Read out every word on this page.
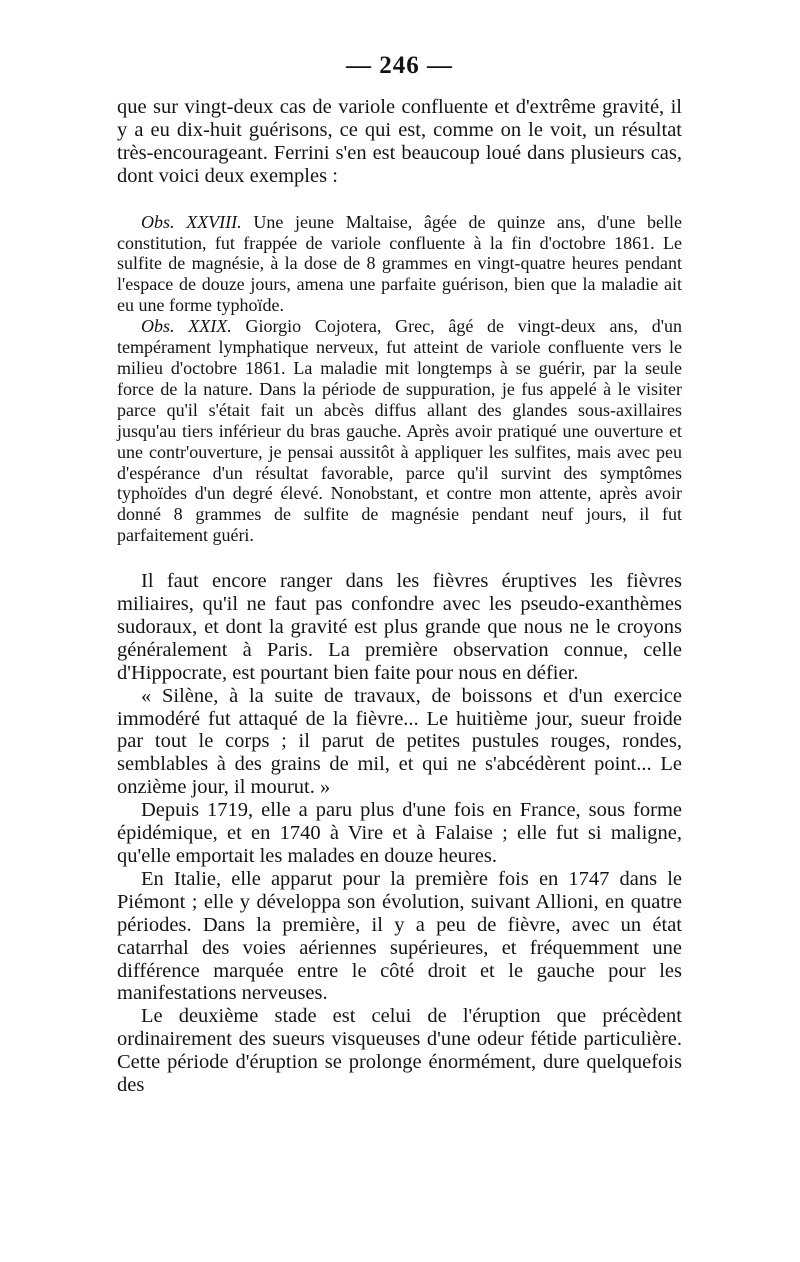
— 246 —

que sur vingt-deux cas de variole confluente et d'extrême gravité, il y a eu dix-huit guérisons, ce qui est, comme on le voit, un résultat très-encourageant. Ferrini s'en est beaucoup loué dans plusieurs cas, dont voici deux exemples :

Obs. XXVIII. Une jeune Maltaise, âgée de quinze ans, d'une belle constitution, fut frappée de variole confluente à la fin d'octobre 1861. Le sulfite de magnésie, à la dose de 8 grammes en vingt-quatre heures pendant l'espace de douze jours, amena une parfaite guérison, bien que la maladie ait eu une forme typhoïde.

Obs. XXIX. Giorgio Cojotera, Grec, âgé de vingt-deux ans, d'un tempérament lymphatique nerveux, fut atteint de variole confluente vers le milieu d'octobre 1861. La maladie mit longtemps à se guérir, par la seule force de la nature. Dans la période de suppuration, je fus appelé à le visiter parce qu'il s'était fait un abcès diffus allant des glandes sous-axillaires jusqu'au tiers inférieur du bras gauche. Après avoir pratiqué une ouverture et une contr'ouverture, je pensai aussitôt à appliquer les sulfites, mais avec peu d'espérance d'un résultat favorable, parce qu'il survint des symptômes typhoïdes d'un degré élevé. Nonobstant, et contre mon attente, après avoir donné 8 grammes de sulfite de magnésie pendant neuf jours, il fut parfaitement guéri.

Il faut encore ranger dans les fièvres éruptives les fièvres miliaires, qu'il ne faut pas confondre avec les pseudo-exanthèmes sudoraux, et dont la gravité est plus grande que nous ne le croyons généralement à Paris. La première observation connue, celle d'Hippocrate, est pourtant bien faite pour nous en défier.

« Silène, à la suite de travaux, de boissons et d'un exercice immodéré fut attaqué de la fièvre... Le huitième jour, sueur froide par tout le corps ; il parut de petites pustules rouges, rondes, semblables à des grains de mil, et qui ne s'abcédèrent point... Le onzième jour, il mourut. »

Depuis 1719, elle a paru plus d'une fois en France, sous forme épidémique, et en 1740 à Vire et à Falaise ; elle fut si maligne, qu'elle emportait les malades en douze heures.

En Italie, elle apparut pour la première fois en 1747 dans le Piémont ; elle y développa son évolution, suivant Allioni, en quatre périodes. Dans la première, il y a peu de fièvre, avec un état catarrhal des voies aériennes supérieures, et fréquemment une différence marquée entre le côté droit et le gauche pour les manifestations nerveuses.

Le deuxième stade est celui de l'éruption que précèdent ordinairement des sueurs visqueuses d'une odeur fétide particulière. Cette période d'éruption se prolonge énormément, dure quelquefois des
